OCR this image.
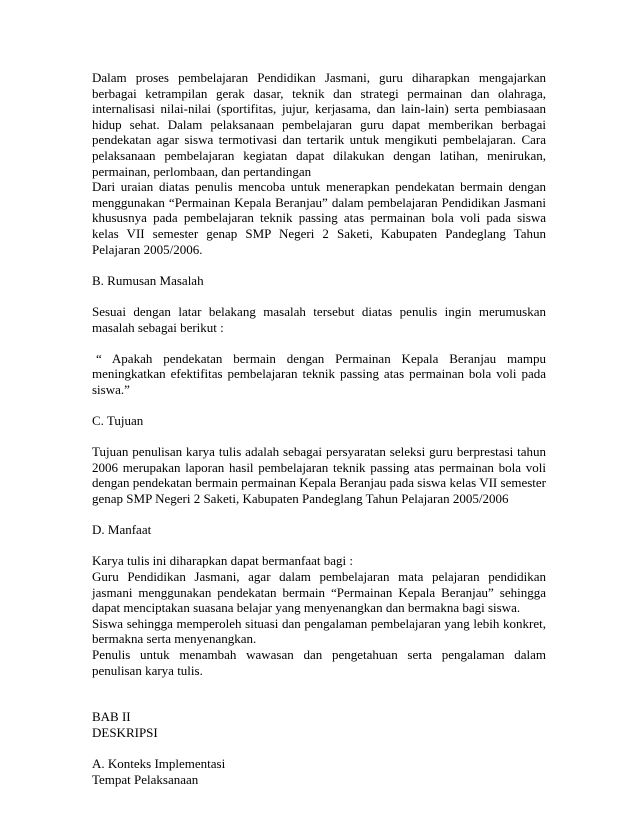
Dalam proses pembelajaran Pendidikan Jasmani, guru diharapkan mengajarkan berbagai ketrampilan gerak dasar, teknik dan strategi permainan dan olahraga, internalisasi nilai-nilai (sportifitas, jujur, kerjasama, dan lain-lain) serta pembiasaan hidup sehat. Dalam pelaksanaan pembelajaran guru dapat memberikan berbagai pendekatan agar siswa termotivasi dan tertarik untuk mengikuti pembelajaran. Cara pelaksanaan pembelajaran kegiatan dapat dilakukan dengan latihan, menirukan, permainan, perlombaan, dan pertandingan

Dari uraian diatas penulis mencoba untuk menerapkan pendekatan bermain dengan menggunakan “Permainan Kepala Beranjau” dalam pembelajaran Pendidikan Jasmani khususnya pada pembelajaran teknik passing atas permainan bola voli pada siswa kelas VII semester genap SMP Negeri 2 Saketi, Kabupaten Pandeglang Tahun Pelajaran 2005/2006.

B. Rumusan Masalah

Sesuai dengan latar belakang masalah tersebut diatas penulis ingin merumuskan masalah sebagai berikut :

“ Apakah pendekatan bermain dengan Permainan Kepala Beranjau mampu meningkatkan efektifitas pembelajaran teknik passing atas permainan bola voli pada siswa.”

C. Tujuan

Tujuan penulisan karya tulis adalah sebagai persyaratan seleksi guru berprestasi tahun 2006 merupakan laporan hasil pembelajaran teknik passing atas permainan bola voli dengan pendekatan bermain permainan Kepala Beranjau pada siswa kelas VII semester genap SMP Negeri 2 Saketi, Kabupaten Pandeglang Tahun Pelajaran 2005/2006

D. Manfaat

Karya tulis ini diharapkan dapat bermanfaat bagi :

Guru Pendidikan Jasmani, agar dalam pembelajaran mata pelajaran pendidikan jasmani menggunakan pendekatan bermain “Permainan Kepala Beranjau” sehingga dapat menciptakan suasana belajar yang menyenangkan dan bermakna bagi siswa.

Siswa sehingga memperoleh situasi dan pengalaman pembelajaran yang lebih konkret, bermakna serta menyenangkan.

Penulis untuk menambah wawasan dan pengetahuan serta pengalaman dalam penulisan karya tulis.

BAB II

DESKRIPSI

A. Konteks Implementasi

Tempat Pelaksanaan
